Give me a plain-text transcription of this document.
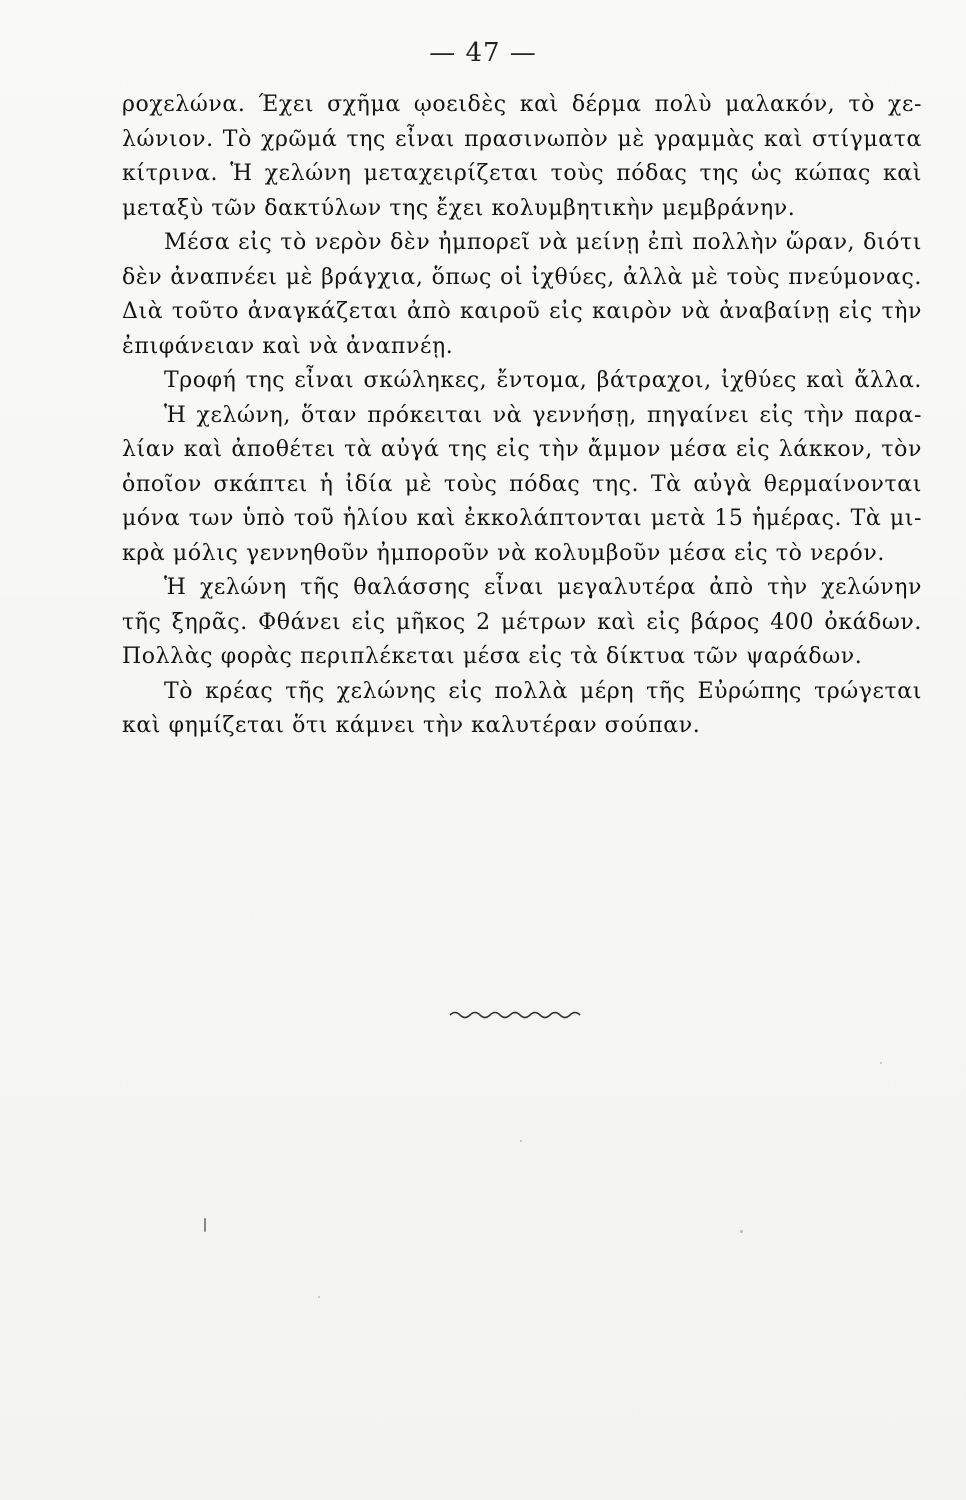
— 47 —
ροχελώνα. Έχει σχῆμα ῳοειδὲς καὶ δέρμα πολὺ μαλακόν, τὸ χε-
λώνιον. Τὸ χρῶμά της εἶναι πρασινωπὸν μὲ γραμμὰς καὶ στίγματα
κίτρινα. Ἡ χελώνη μεταχειρίζεται τοὺς πόδας της ὡς κώπας καὶ
μεταξὺ τῶν δακτύλων της ἔχει κολυμβητικὴν μεμβράνην.
Μέσα εἰς τὸ νερὸν δὲν ἠμπορεῖ νὰ μείνῃ ἐπὶ πολλὴν ὥραν, διότι
δὲν ἀναπνέει μὲ βράγχια, ὅπως οἱ ἰχθύες, ἀλλὰ μὲ τοὺς πνεύμονας.
Διὰ τοῦτο ἀναγκάζεται ἀπὸ καιροῦ εἰς καιρὸν νὰ ἀναβαίνῃ εἰς τὴν
ἐπιφάνειαν καὶ νὰ ἀναπνέῃ.
Τροφή της εἶναι σκώληκες, ἔντομα, βάτραχοι, ἰχθύες καὶ ἄλλα.
Ἡ χελώνη, ὅταν πρόκειται νὰ γεννήσῃ, πηγαίνει εἰς τὴν παρα-
λίαν καὶ ἀποθέτει τὰ αὐγά της εἰς τὴν ἄμμον μέσα εἰς λάκκον, τὸν
ὁποῖον σκάπτει ἡ ἰδία μὲ τοὺς πόδας της. Τὰ αὐγὰ θερμαίνονται
μόνα των ὑπὸ τοῦ ἡλίου καὶ ἐκκολάπτονται μετὰ 15 ἡμέρας. Τὰ μι-
κρὰ μόλις γεννηθοῦν ἠμποροῦν νὰ κολυμβοῦν μέσα εἰς τὸ νερόν.
Ἡ χελώνη τῆς θαλάσσης εἶναι μεγαλυτέρα ἀπὸ τὴν χελώνην
τῆς ξηρᾶς. Φθάνει εἰς μῆκος 2 μέτρων καὶ εἰς βάρος 400 ὀκάδων.
Πολλὰς φορὰς περιπλέκεται μέσα εἰς τὰ δίκτυα τῶν ψαράδων.
Τὸ κρέας τῆς χελώνης εἰς πολλὰ μέρη τῆς Εὐρώπης τρώγεται
καὶ φημίζεται ὅτι κάμνει τὴν καλυτέραν σούπαν.
